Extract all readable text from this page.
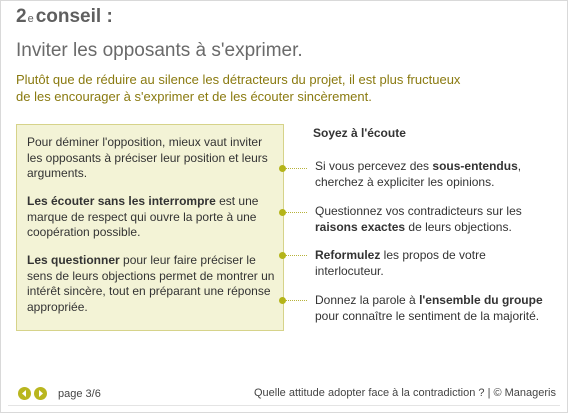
2 e conseil :
Inviter les opposants à s'exprimer.
Plutôt que de réduire au silence les détracteurs du projet, il est plus fructueux
de les encourager à s'exprimer et de les écouter sincèrement.

Pour déminer l'opposition, mieux vaut inviter les opposants à préciser leur position et leurs arguments.

Les écouter sans les interrompre est une marque de respect qui ouvre la porte à une coopération possible.

Les questionner pour leur faire préciser le sens de leurs objections permet de montrer un intérêt sincère, tout en préparant une réponse appropriée.

Soyez à l'écoute
Si vous percevez des sous-entendus, cherchez à expliciter les opinions.
Questionnez vos contradicteurs sur les raisons exactes de leurs objections.
Reformulez les propos de votre interlocuteur.
Donnez la parole à l'ensemble du groupe pour connaître le sentiment de la majorité.
page 3/6	Quelle attitude adopter face à la contradiction ? | © Manageris
